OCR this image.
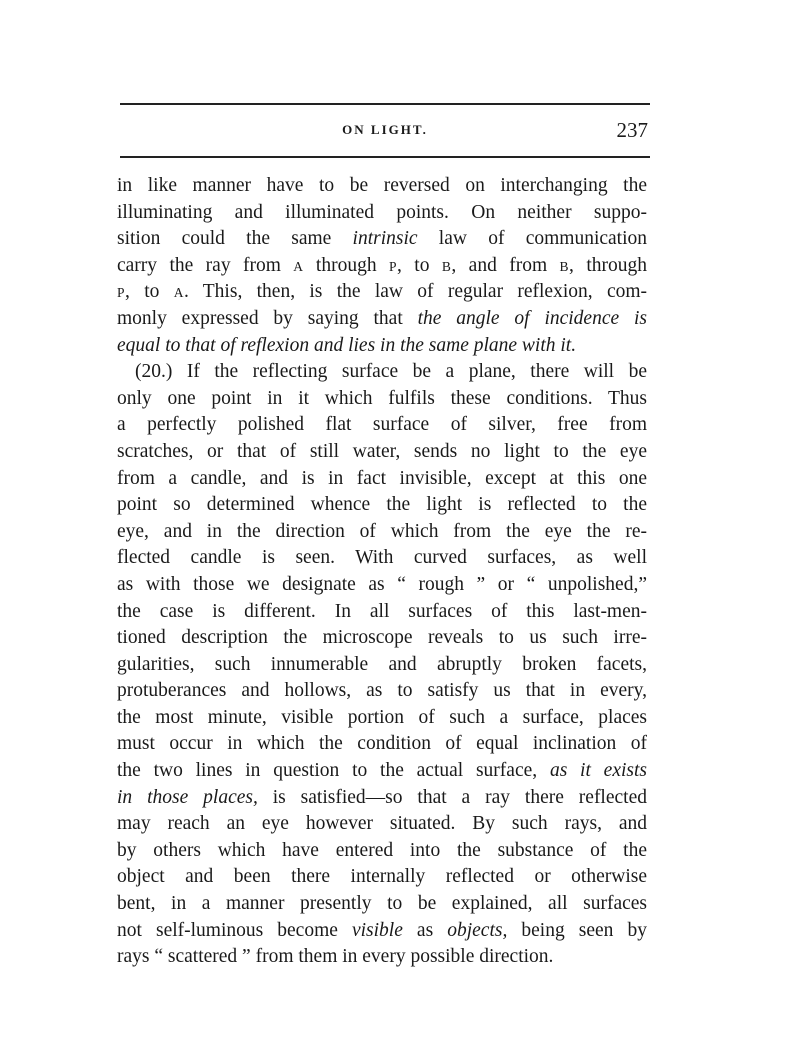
ON LIGHT.	237
in like manner have to be reversed on interchanging the
illuminating and illuminated points. On neither suppo-
sition could the same intrinsic law of communication
carry the ray from A through P, to B, and from B, through
P, to A. This, then, is the law of regular reflexion, com-
monly expressed by saying that the angle of incidence is
equal to that of reflexion and lies in the same plane with it.
(20.) If the reflecting surface be a plane, there will be
only one point in it which fulfils these conditions. Thus
a perfectly polished flat surface of silver, free from
scratches, or that of still water, sends no light to the eye
from a candle, and is in fact invisible, except at this one
point so determined whence the light is reflected to the
eye, and in the direction of which from the eye the re-
flected candle is seen. With curved surfaces, as well
as with those we designate as “ rough ” or “ unpolished,”
the case is different. In all surfaces of this last-men-
tioned description the microscope reveals to us such irre-
gularities, such innumerable and abruptly broken facets,
protuberances and hollows, as to satisfy us that in every,
the most minute, visible portion of such a surface, places
must occur in which the condition of equal inclination of
the two lines in question to the actual surface, as it exists
in those places, is satisfied—so that a ray there reflected
may reach an eye however situated. By such rays, and
by others which have entered into the substance of the
object and been there internally reflected or otherwise
bent, in a manner presently to be explained, all surfaces
not self-luminous become visible as objects, being seen by
rays “ scattered ” from them in every possible direction.
